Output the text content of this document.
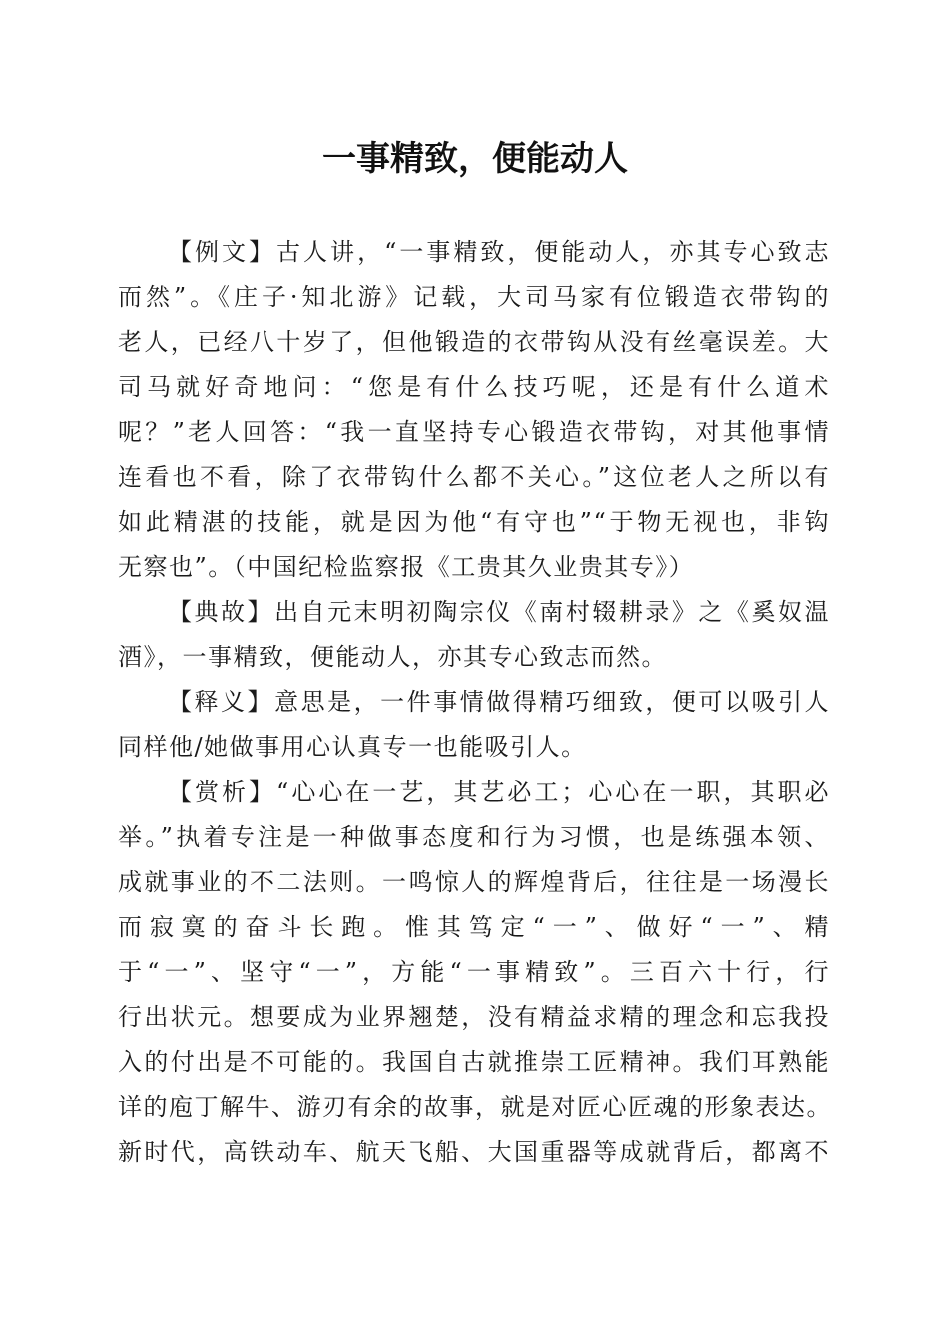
一事精致，便能动人
【例文】古人讲，“一事精致，便能动人，亦其专心致志
而然”。《庄子·知北游》记载，大司马家有位锻造衣带钩的
老人，已经八十岁了，但他锻造的衣带钩从没有丝毫误差。大
司马就好奇地问：“您是有什么技巧呢，还是有什么道术
呢？”老人回答：“我一直坚持专心锻造衣带钩，对其他事情
连看也不看，除了衣带钩什么都不关心。”这位老人之所以有
如此精湛的技能，就是因为他“有守也”“于物无视也，非钩
无察也”。（中国纪检监察报《工贵其久业贵其专》）
【典故】出自元末明初陶宗仪《南村辍耕录》之《奚奴温
酒》，一事精致，便能动人，亦其专心致志而然。
【释义】意思是，一件事情做得精巧细致，便可以吸引人
同样他/她做事用心认真专一也能吸引人。
【赏析】“心心在一艺，其艺必工；心心在一职，其职必
举。”执着专注是一种做事态度和行为习惯，也是练强本领、
成就事业的不二法则。一鸣惊人的辉煌背后，往往是一场漫长
而寂寞的奋斗长跑。惟其笃定“一”、做好“一”、精
于“一”、坚守“一”，方能“一事精致”。三百六十行，行
行出状元。想要成为业界翘楚，没有精益求精的理念和忘我投
入的付出是不可能的。我国自古就推崇工匠精神。我们耳熟能
详的庖丁解牛、游刃有余的故事，就是对匠心匠魂的形象表达。
新时代，高铁动车、航天飞船、大国重器等成就背后，都离不
